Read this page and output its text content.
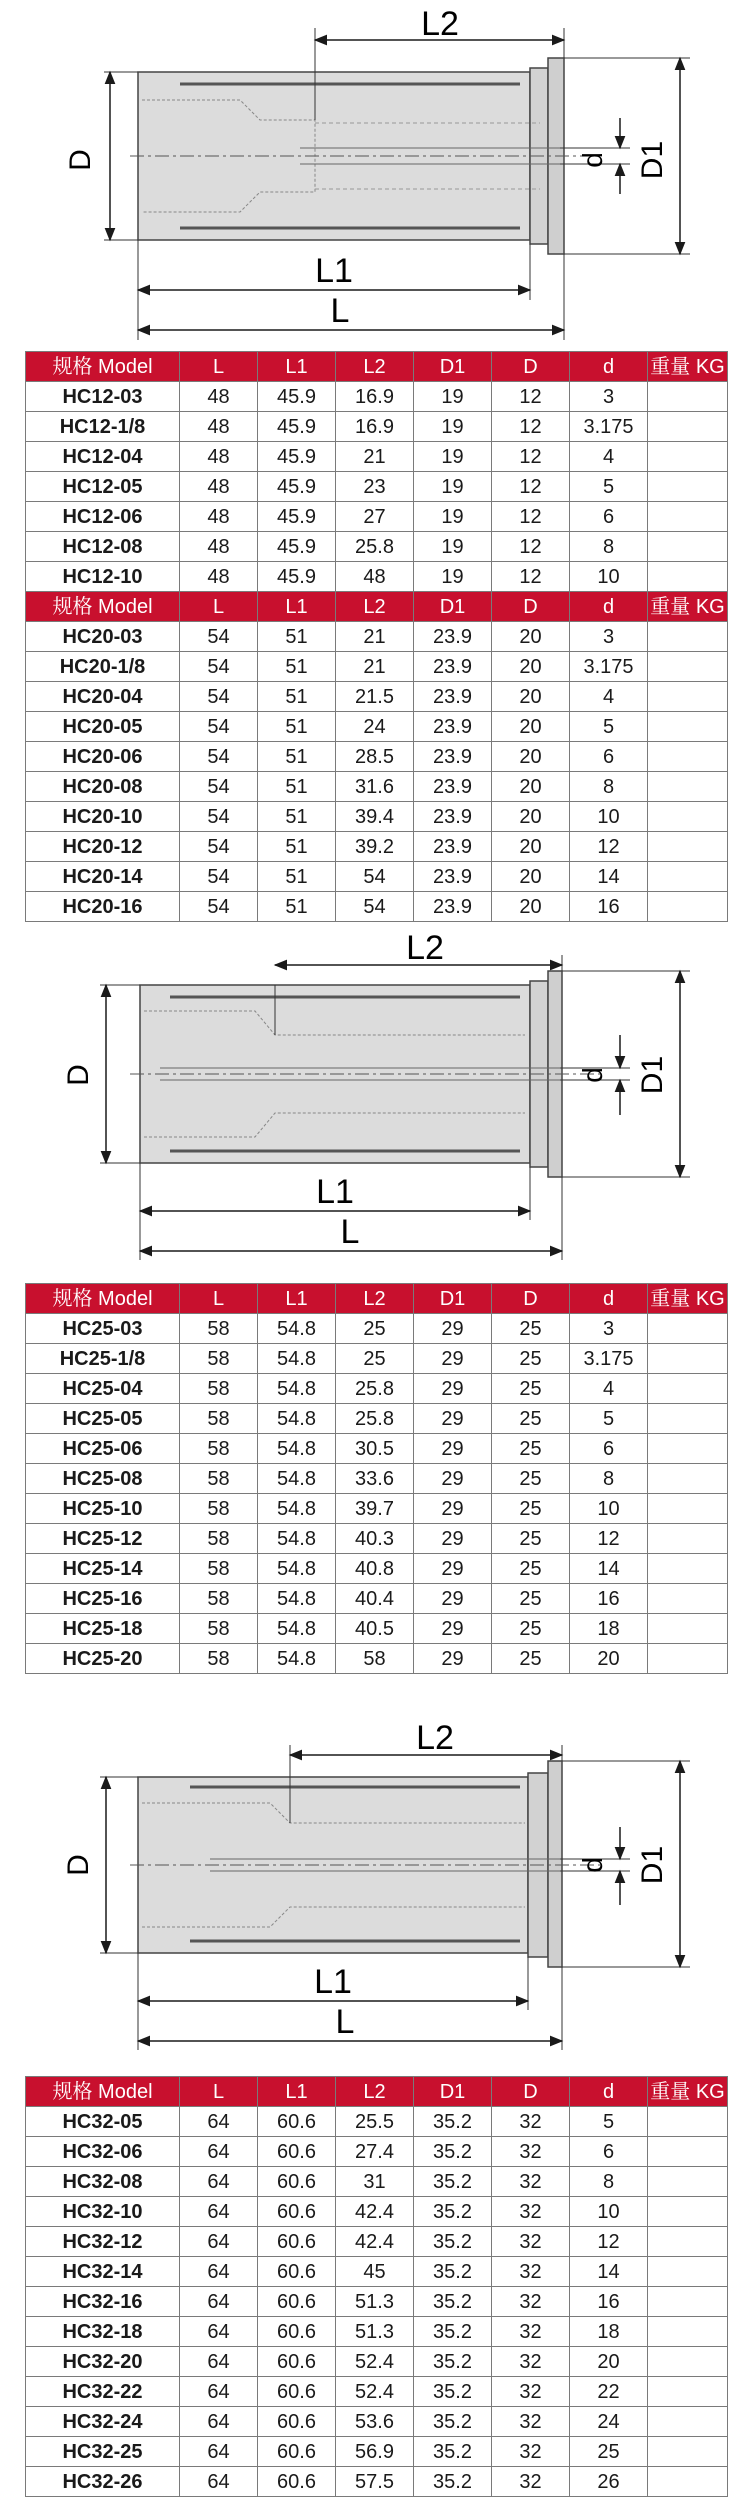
L2
D	D1
d
L1
L
规格 Model	L	L1	L2	D1	D	d	重量 KG
HC12-03	48	45.9	16.9	19	12	3	
HC12-1/8	48	45.9	16.9	19	12	3.175	
HC12-04	48	45.9	21	19	12	4	
HC12-05	48	45.9	23	19	12	5	
HC12-06	48	45.9	27	19	12	6	
HC12-08	48	45.9	25.8	19	12	8	
HC12-10	48	45.9	48	19	12	10	
规格 Model	L	L1	L2	D1	D	d	重量 KG
HC20-03	54	51	21	23.9	20	3	
HC20-1/8	54	51	21	23.9	20	3.175	
HC20-04	54	51	21.5	23.9	20	4	
HC20-05	54	51	24	23.9	20	5	
HC20-06	54	51	28.5	23.9	20	6	
HC20-08	54	51	31.6	23.9	20	8	
HC20-10	54	51	39.4	23.9	20	10	
HC20-12	54	51	39.2	23.9	20	12	
HC20-14	54	51	54	23.9	20	14	
HC20-16	54	51	54	23.9	20	16	
L2
D	D1
d
L1
L
规格 Model	L	L1	L2	D1	D	d	重量 KG
HC25-03	58	54.8	25	29	25	3	
HC25-1/8	58	54.8	25	29	25	3.175	
HC25-04	58	54.8	25.8	29	25	4	
HC25-05	58	54.8	25.8	29	25	5	
HC25-06	58	54.8	30.5	29	25	6	
HC25-08	58	54.8	33.6	29	25	8	
HC25-10	58	54.8	39.7	29	25	10	
HC25-12	58	54.8	40.3	29	25	12	
HC25-14	58	54.8	40.8	29	25	14	
HC25-16	58	54.8	40.4	29	25	16	
HC25-18	58	54.8	40.5	29	25	18	
HC25-20	58	54.8	58	29	25	20	
L2
D	D1
d
L1
L
规格 Model	L	L1	L2	D1	D	d	重量 KG
HC32-05	64	60.6	25.5	35.2	32	5	
HC32-06	64	60.6	27.4	35.2	32	6	
HC32-08	64	60.6	31	35.2	32	8	
HC32-10	64	60.6	42.4	35.2	32	10	
HC32-12	64	60.6	42.4	35.2	32	12	
HC32-14	64	60.6	45	35.2	32	14	
HC32-16	64	60.6	51.3	35.2	32	16	
HC32-18	64	60.6	51.3	35.2	32	18	
HC32-20	64	60.6	52.4	35.2	32	20	
HC32-22	64	60.6	52.4	35.2	32	22	
HC32-24	64	60.6	53.6	35.2	32	24	
HC32-25	64	60.6	56.9	35.2	32	25	
HC32-26	64	60.6	57.5	35.2	32	26	
